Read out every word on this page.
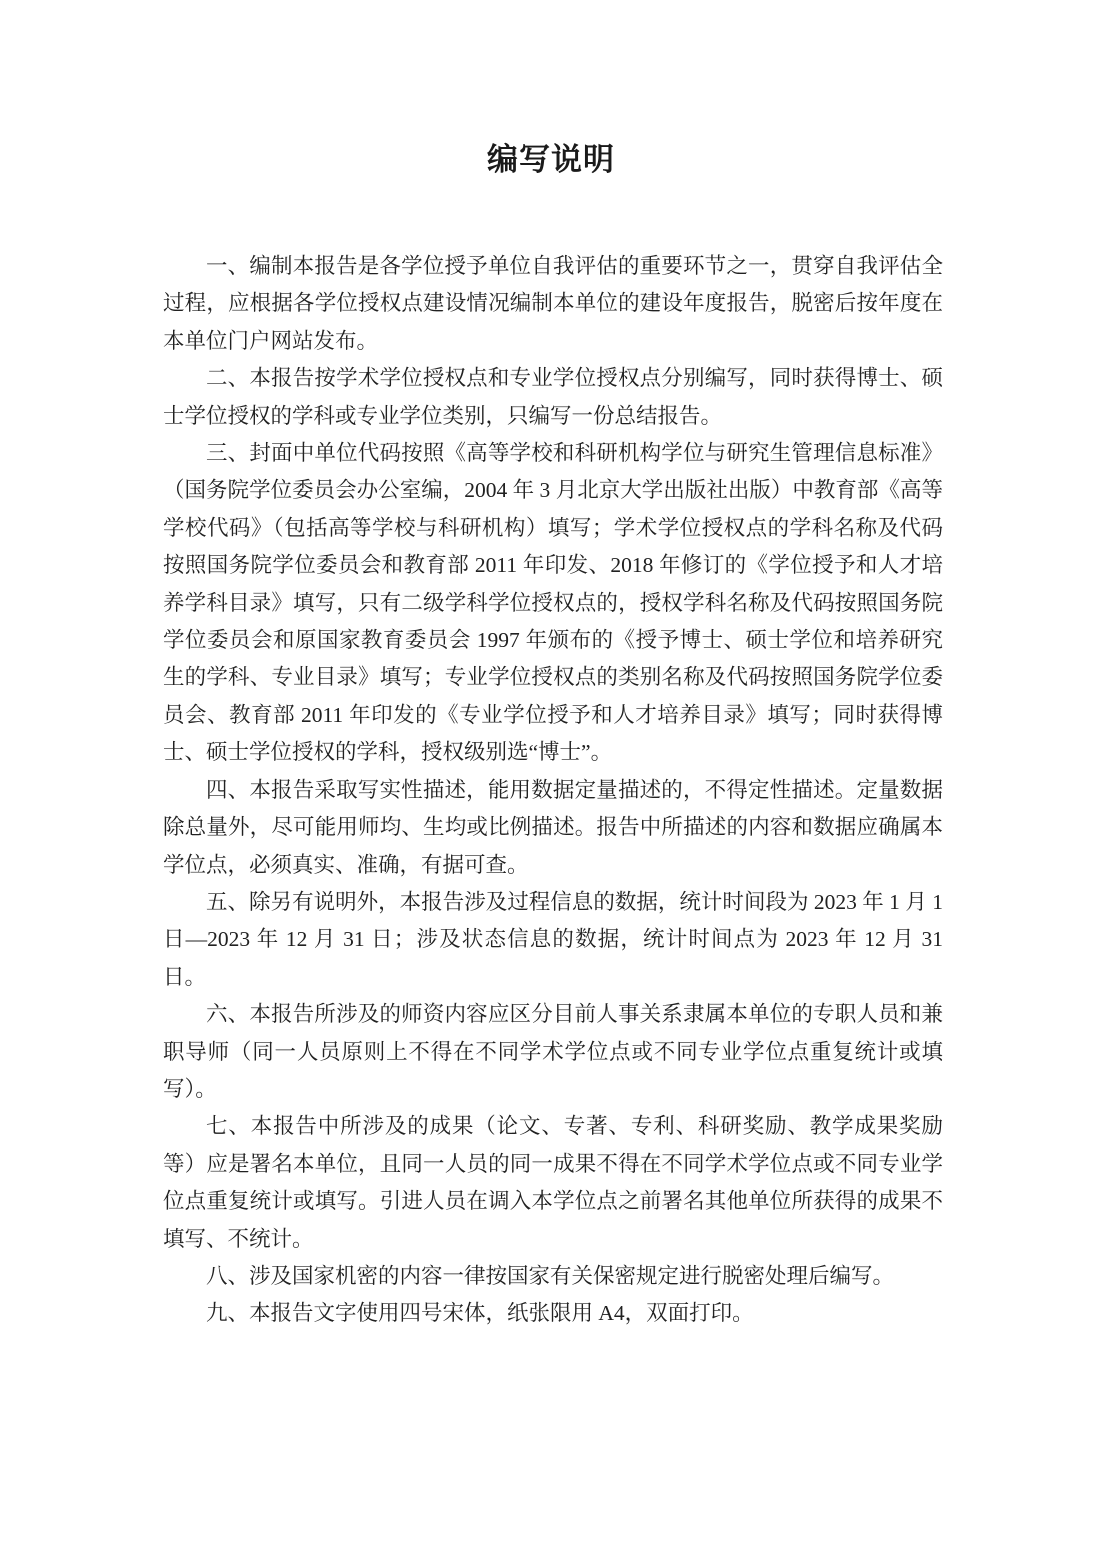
编写说明

一、编制本报告是各学位授予单位自我评估的重要环节之一，贯穿自我评估全过程，应根据各学位授权点建设情况编制本单位的建设年度报告，脱密后按年度在本单位门户网站发布。

二、本报告按学术学位授权点和专业学位授权点分别编写，同时获得博士、硕士学位授权的学科或专业学位类别，只编写一份总结报告。

三、封面中单位代码按照《高等学校和科研机构学位与研究生管理信息标准》（国务院学位委员会办公室编，2004 年 3 月北京大学出版社出版）中教育部《高等学校代码》（包括高等学校与科研机构）填写；学术学位授权点的学科名称及代码按照国务院学位委员会和教育部 2011 年印发、2018 年修订的《学位授予和人才培养学科目录》填写，只有二级学科学位授权点的，授权学科名称及代码按照国务院学位委员会和原国家教育委员会 1997 年颁布的《授予博士、硕士学位和培养研究生的学科、专业目录》填写；专业学位授权点的类别名称及代码按照国务院学位委员会、教育部 2011 年印发的《专业学位授予和人才培养目录》填写；同时获得博士、硕士学位授权的学科，授权级别选“博士”。

四、本报告采取写实性描述，能用数据定量描述的，不得定性描述。定量数据除总量外，尽可能用师均、生均或比例描述。报告中所描述的内容和数据应确属本学位点，必须真实、准确，有据可查。

五、除另有说明外，本报告涉及过程信息的数据，统计时间段为 2023 年 1 月 1 日—2023 年 12 月 31 日；涉及状态信息的数据，统计时间点为 2023 年 12 月 31 日。

六、本报告所涉及的师资内容应区分目前人事关系隶属本单位的专职人员和兼职导师（同一人员原则上不得在不同学术学位点或不同专业学位点重复统计或填写）。

七、本报告中所涉及的成果（论文、专著、专利、科研奖励、教学成果奖励等）应是署名本单位，且同一人员的同一成果不得在不同学术学位点或不同专业学位点重复统计或填写。引进人员在调入本学位点之前署名其他单位所获得的成果不填写、不统计。

八、涉及国家机密的内容一律按国家有关保密规定进行脱密处理后编写。

九、本报告文字使用四号宋体，纸张限用 A4，双面打印。
